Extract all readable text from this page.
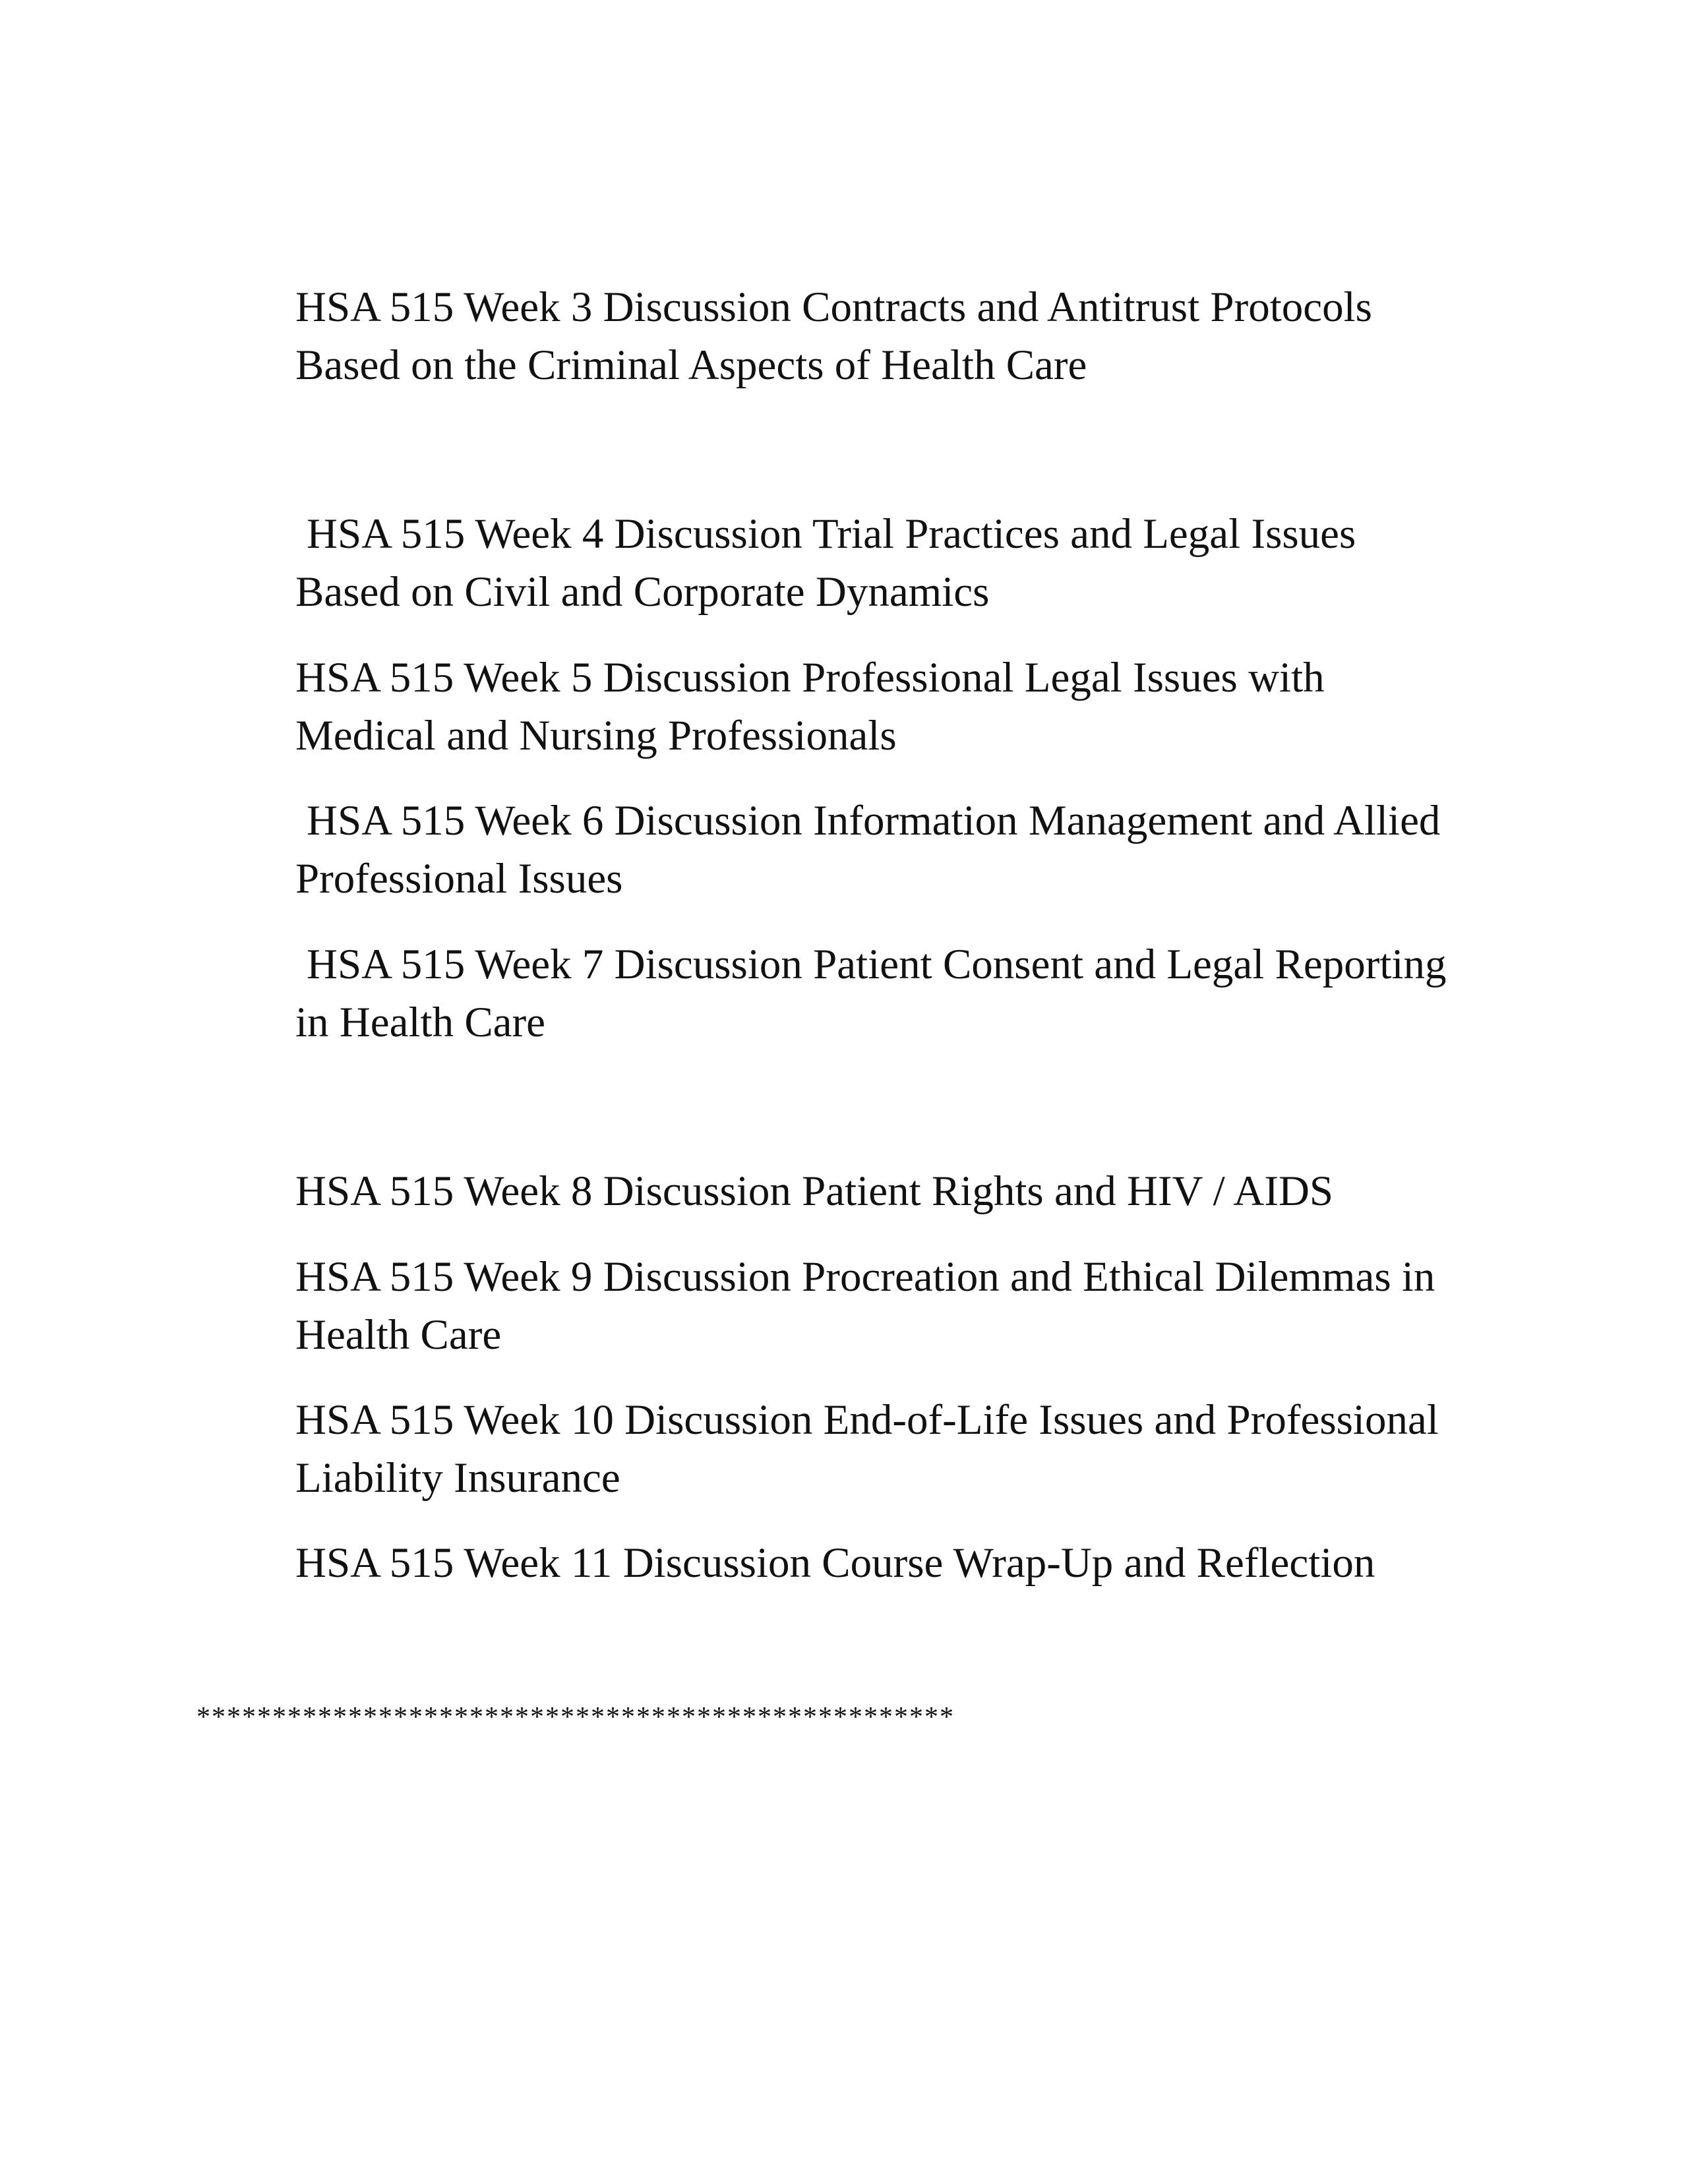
HSA 515 Week 3 Discussion Contracts and Antitrust Protocols
Based on the Criminal Aspects of Health Care
HSA 515 Week 4 Discussion Trial Practices and Legal Issues
Based on Civil and Corporate Dynamics
HSA 515 Week 5 Discussion Professional Legal Issues with
Medical and Nursing Professionals
HSA 515 Week 6 Discussion Information Management and Allied
Professional Issues
HSA 515 Week 7 Discussion Patient Consent and Legal Reporting
in Health Care
HSA 515 Week 8 Discussion Patient Rights and HIV / AIDS
HSA 515 Week 9 Discussion Procreation and Ethical Dilemmas in
Health Care
HSA 515 Week 10 Discussion End-of-Life Issues and Professional
Liability Insurance
HSA 515 Week 11 Discussion Course Wrap-Up and Reflection
**************************************************
